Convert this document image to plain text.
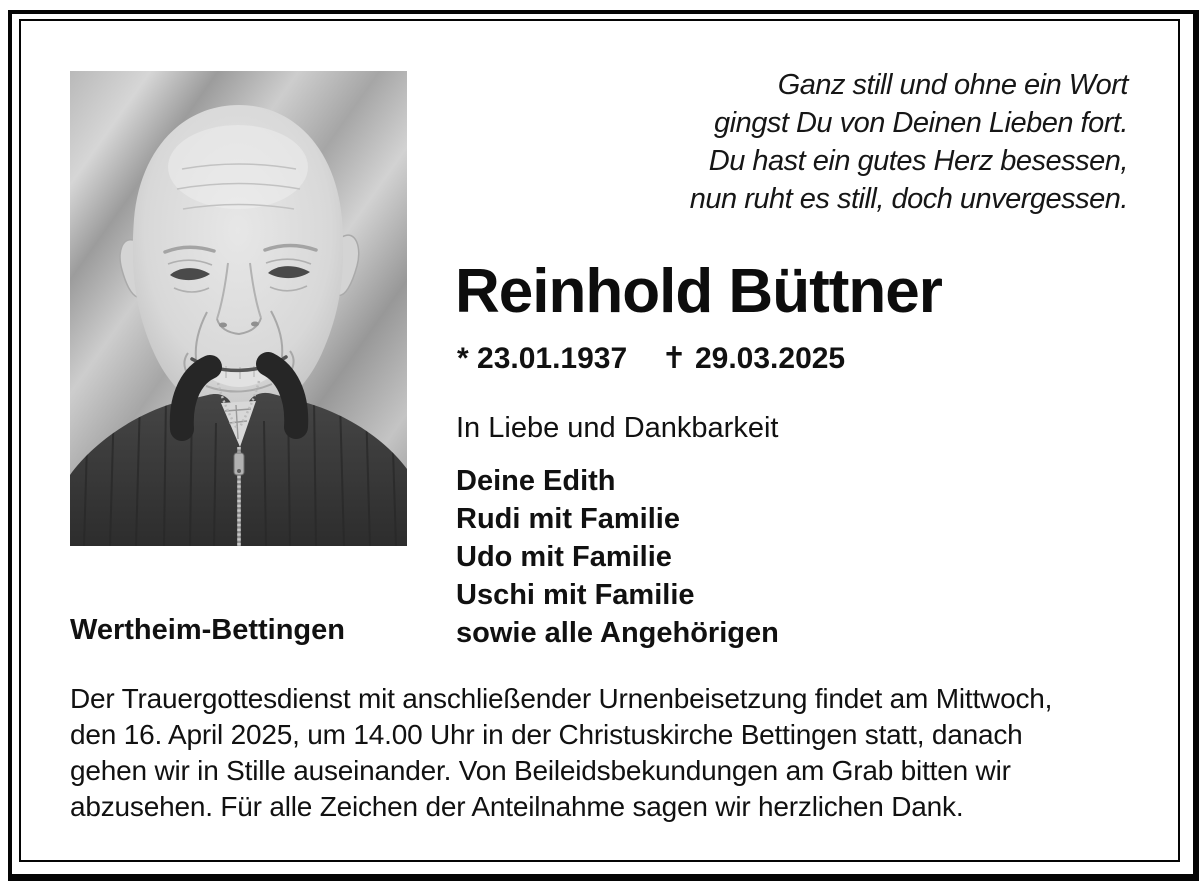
Ganz still und ohne ein Wort
gingst Du von Deinen Lieben fort.
Du hast ein gutes Herz besessen,
nun ruht es still, doch unvergessen.
Reinhold Büttner
* 23.01.1937 ✝ 29.03.2025
In Liebe und Dankbarkeit
Deine Edith
Rudi mit Familie
Udo mit Familie
Uschi mit Familie
sowie alle Angehörigen
Wertheim-Bettingen
Der Trauergottesdienst mit anschließender Urnenbeisetzung findet am Mittwoch,
den 16. April 2025, um 14.00 Uhr in der Christuskirche Bettingen statt, danach
gehen wir in Stille auseinander. Von Beileidsbekundungen am Grab bitten wir
abzusehen. Für alle Zeichen der Anteilnahme sagen wir herzlichen Dank.
